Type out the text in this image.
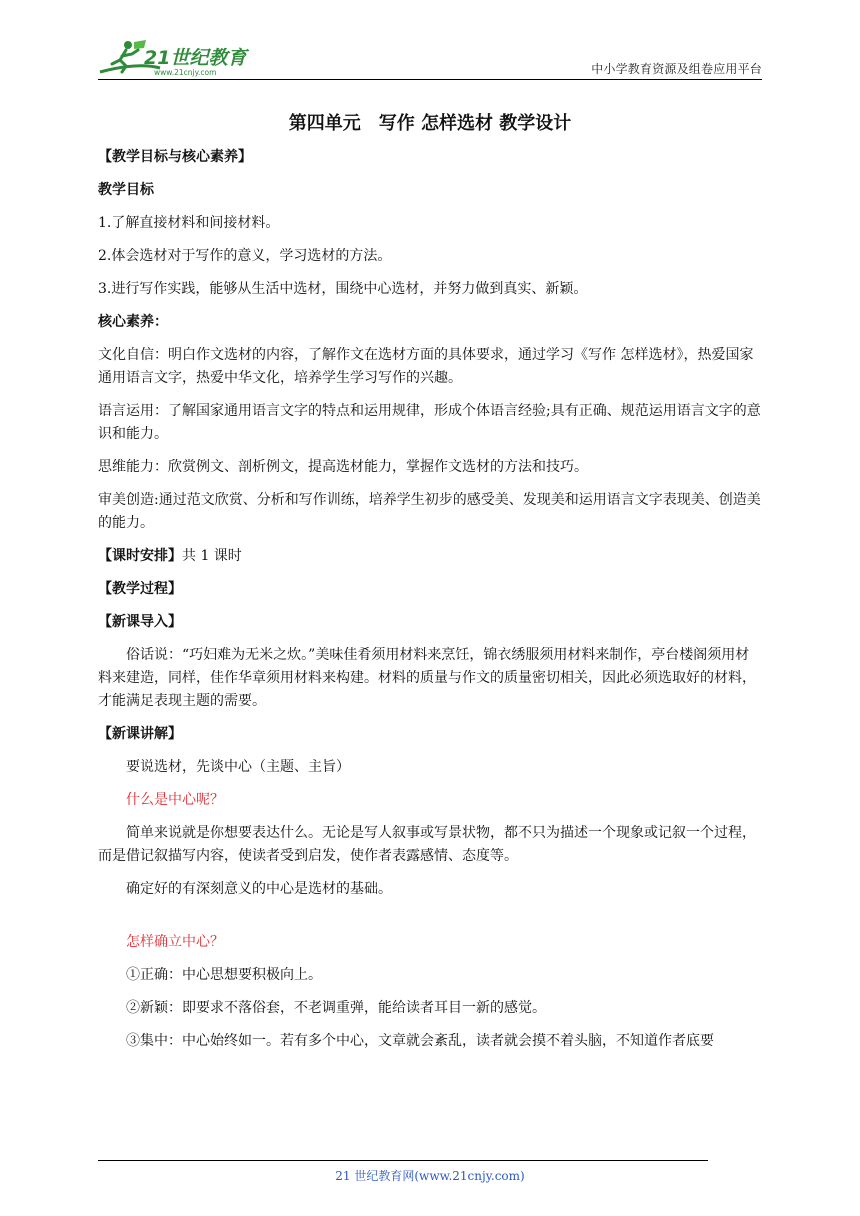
21世纪教育
www.21cnjy.com	中小学教育资源及组卷应用平台
第四单元　写作 怎样选材 教学设计

【教学目标与核心素养】

教学目标

1.了解直接材料和间接材料。

2.体会选材对于写作的意义，学习选材的方法。

3.进行写作实践，能够从生活中选材，围绕中心选材，并努力做到真实、新颖。

核心素养：

文化自信：明白作文选材的内容，了解作文在选材方面的具体要求，通过学习《写作 怎样选材》，热爱国家通用语言文字，热爱中华文化，培养学生学习写作的兴趣。

语言运用：了解国家通用语言文字的特点和运用规律，形成个体语言经验;具有正确、规范运用语言文字的意识和能力。

思维能力：欣赏例文、剖析例文，提高选材能力，掌握作文选材的方法和技巧。

审美创造:通过范文欣赏、分析和写作训练，培养学生初步的感受美、发现美和运用语言文字表现美、创造美的能力。

【课时安排】共 1 课时

【教学过程】

【新课导入】

俗话说：“巧妇难为无米之炊。”美味佳肴须用材料来烹饪，锦衣绣服须用材料来制作，亭台楼阁须用材料来建造，同样，佳作华章须用材料来构建。材料的质量与作文的质量密切相关，因此必须选取好的材料，才能满足表现主题的需要。

【新课讲解】

要说选材，先谈中心（主题、主旨）

什么是中心呢？

简单来说就是你想要表达什么。无论是写人叙事或写景状物，都不只为描述一个现象或记叙一个过程，而是借记叙描写内容，使读者受到启发，使作者表露感情、态度等。

确定好的有深刻意义的中心是选材的基础。

怎样确立中心？

①正确：中心思想要积极向上。

②新颖：即要求不落俗套，不老调重弹，能给读者耳目一新的感觉。

③集中：中心始终如一。若有多个中心，文章就会紊乱，读者就会摸不着头脑，不知道作者底要

21 世纪教育网(www.21cnjy.com)
